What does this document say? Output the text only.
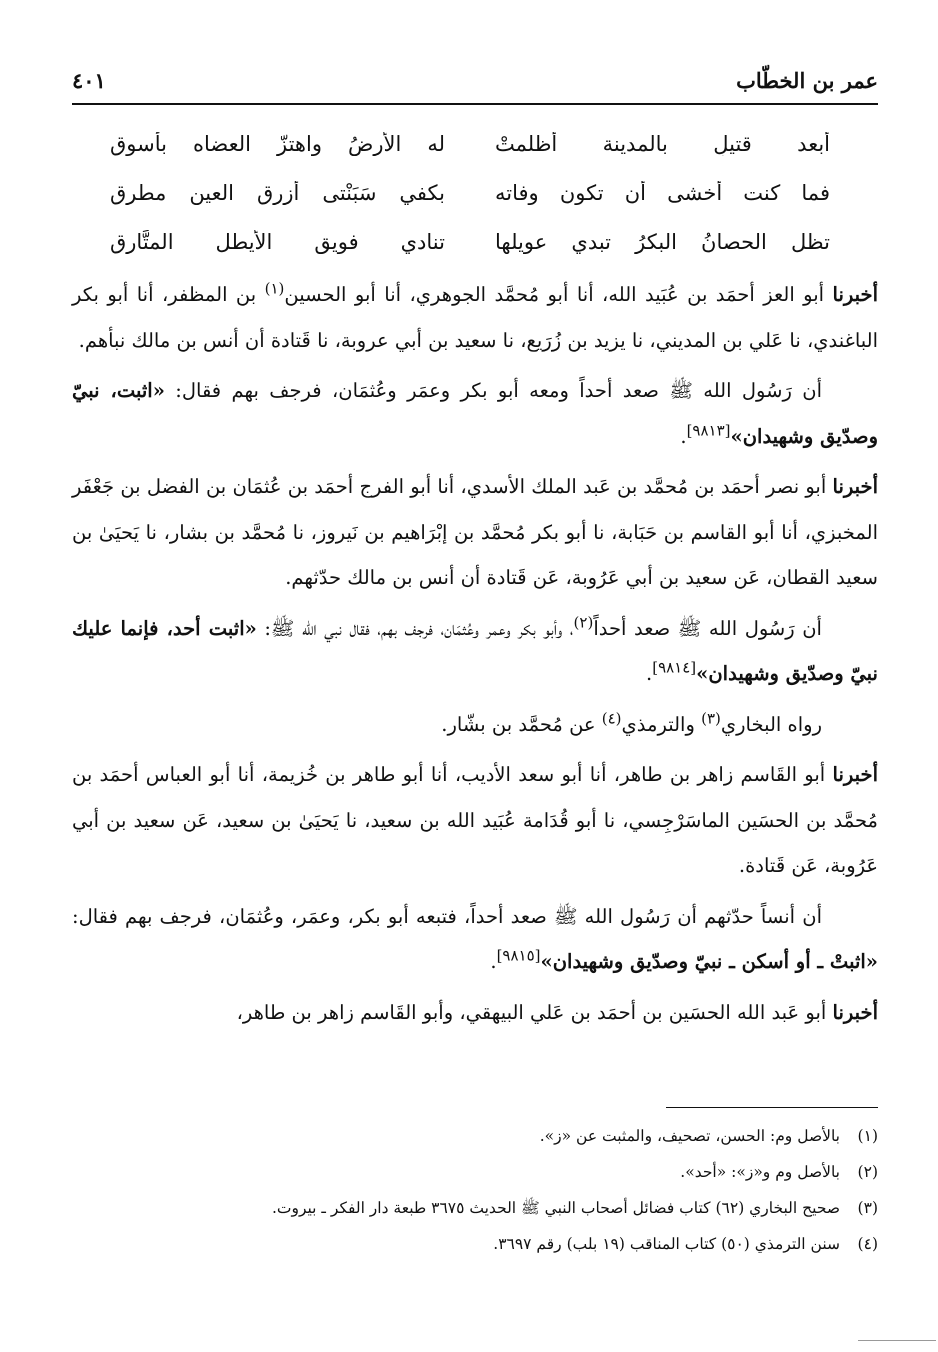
عمر بن الخطّاب
٤٠١
أبعد قتيلٍ بالمدينة أظلمتْ
له الأرضُ واهتزّ العضاه بأسوق
فما كنت أخشى أن تكون وفاته
بكفي سَبَنْتى أزرق العين مطرق
تظل الحصانُ البكرُ تبدي عويلها
تنادي فويق الأيطل المتَّارِق

أخبرنا أبو العز أحمَد بن عُبَيد الله، أنا أبو مُحمَّد الجوهري، أنا أبو الحسين$^{(١)}$ بن المظفر، أنا أبو بكر الباغندي، نا عَلي بن المديني، نا يزيد بن زُرَيع، نا سعيد بن أبي عروبة، نا قَتادة أن أنس بن مالك نبأهم.

أن رَسُول الله ﷺ صعد أحداً ومعه أبو بكر وعمَر وعُثمَان، فرجف بهم فقال: «اثبت، نبيّ وصدّيق وشهيدان»[٩٨١٣].

أخبرنا أبو نصر أحمَد بن مُحمَّد بن عَبد الملك الأسدي، أنا أبو الفرج أحمَد بن عُثمَان بن الفضل بن جَعْفَر المخبزي، أنا أبو القاسم بن حَبَابة، نا أبو بكر مُحمَّد بن إبْرَاهيم بن نَيروز، نا مُحمَّد بن بشار، نا يَحيَىٰ بن سعيد القطان، عَن سعيد بن أبي عَرُوبة، عَن قَتادة أن أنس بن مالك حدّثهم.

أن رَسُول الله ﷺ صعد أحداً$^{(٢)}$، وأبو بكر وعمر وعُثمَان، فرجف بهم، فقال نبي الله ﷺ: «اثبت أحد، فإنما عليك نبيّ وصدّيق وشهيدان»[٩٨١٤].

رواه البخاري$^{(٣)}$ والترمذي$^{(٤)}$ عن مُحمَّد بن بشّار.

أخبرنا أبو القَاسم زاهر بن طاهر، أنا أبو سعد الأديب، أنا أبو طاهر بن خُزيمة، أنا أبو العباس أحمَد بن مُحمَّد بن الحسَين الماسَرْجِسي، نا أبو قُدَامة عُبَيد الله بن سعيد، نا يَحيَىٰ بن سعيد، عَن سعيد بن أبي عَرُوبة، عَن قَتادة.

أن أنساً حدّثهم أن رَسُول الله ﷺ صعد أحداً، فتبعه أبو بكر، وعمَر، وعُثمَان، فرجف بهم فقال: «اثبتْ ـ أو أسكن ـ نبيّ وصدّيق وشهيدان»[٩٨١٥].

أخبرنا أبو عَبد الله الحسَين بن أحمَد بن عَلي البيهقي، وأبو القَاسم زاهر بن طاهر،

(١)بالأصل وم: الحسن، تصحيف، والمثبت عن «ز».
(٢)بالأصل وم و«ز»: «أحد».
(٣)صحيح البخاري (٦٢) كتاب فضائل أصحاب النبي ﷺ الحديث ٣٦٧٥ طبعة دار الفكر ـ بيروت.
(٤)سنن الترمذي (٥٠) كتاب المناقب (١٩ بلب) رقم ٣٦٩٧.
